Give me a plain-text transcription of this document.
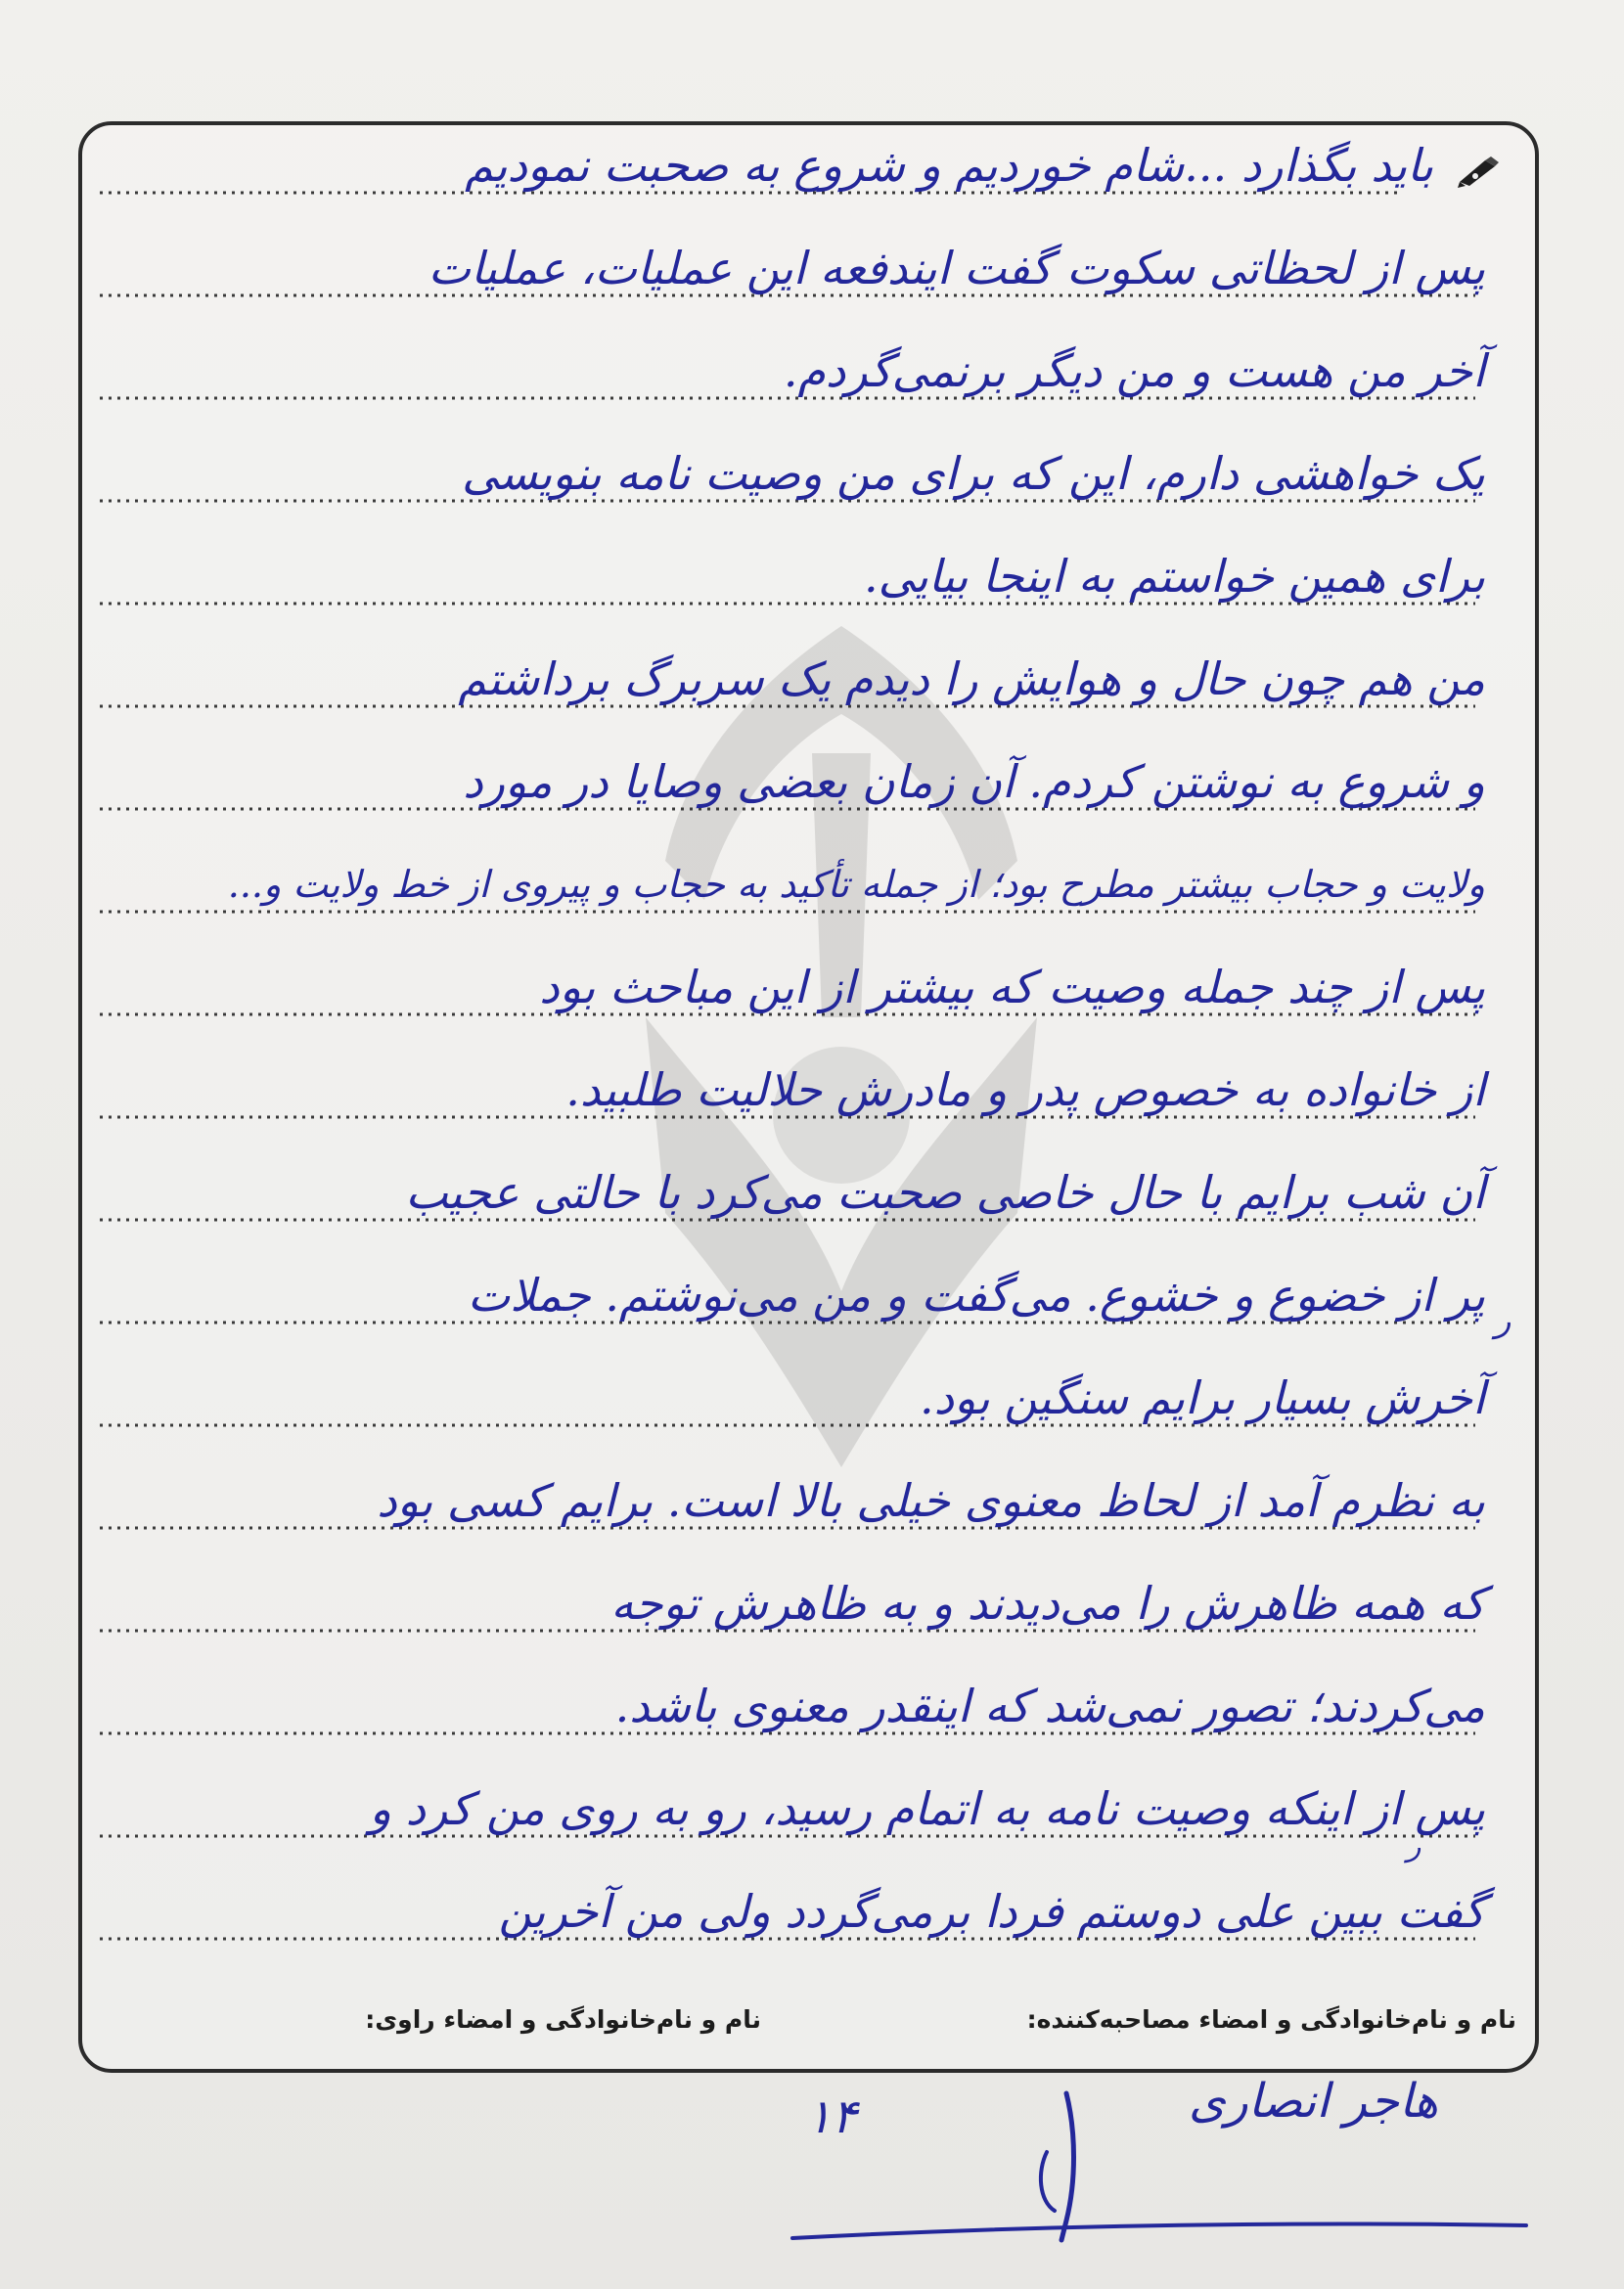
باید بگذارد ...شام خوردیم و شروع به صحبت نمودیم
پس از لحظاتی سکوت گفت ایندفعه این عملیات، عملیات
آخر من هست و من دیگر برنمی‌گردم.
یک خواهشی دارم، این که برای من وصیت نامه بنویسی
برای همین خواستم به اینجا بیایی.
من هم چون حال و هوایش را دیدم یک سربرگ برداشتم
و شروع به نوشتن کردم. آن زمان بعضی وصایا در مورد
ولایت و حجاب بیشتر مطرح بود؛ از جمله تأکید به حجاب و پیروی از خط ولایت و...
پس از چند جمله وصیت که بیشتر از این مباحث بود
از خانواده به خصوص پدر و مادرش حلالیت طلبید.
آن شب برایم با حال خاصی صحبت می‌کرد با حالتی عجیب
پر از خضوع و خشوع. می‌گفت و من می‌نوشتم. جملات
آخرش بسیار برایم سنگین بود.
به نظرم آمد از لحاظ معنوی خیلی بالا است. برایم کسی بود
که همه ظاهرش را می‌دیدند و به ظاهرش توجه
می‌کردند؛ تصور نمی‌شد که اینقدر معنوی باشد.
پس از اینکه وصیت نامه به اتمام رسید، رو به روی من کرد و
گفت ببین علی دوستم فردا برمی‌گردد ولی من آخرین
ر
ر
نام و نام‌خانوادگی و امضاء مصاحبه‌کننده:
نام و نام‌خانوادگی و امضاء راوی:
۱۴	هاجر انصاری
